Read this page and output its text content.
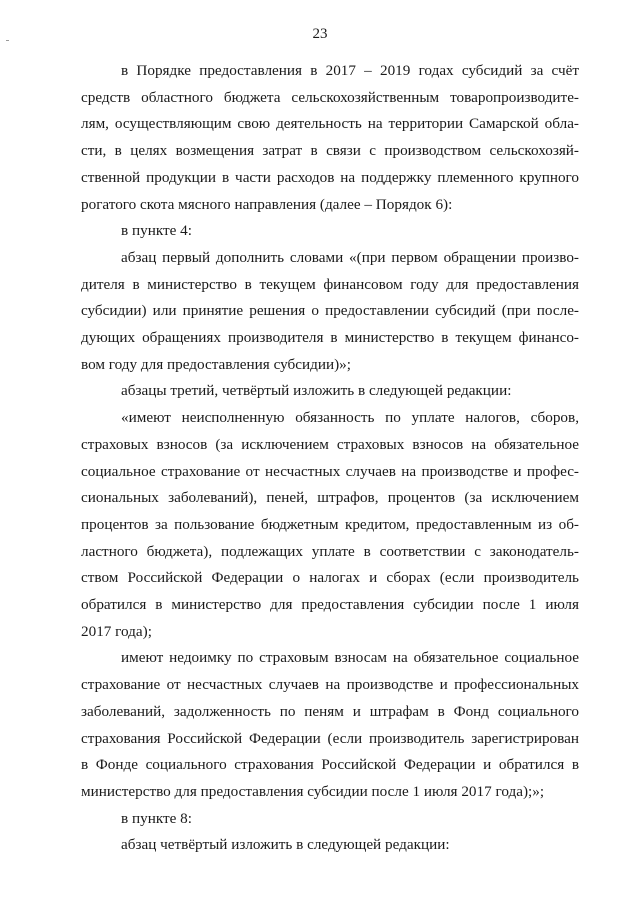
23

в Порядке предоставления в 2017 – 2019 годах субсидий за счёт
средств областного бюджета сельскохозяйственным товаропроизводите-
лям, осуществляющим свою деятельность на территории Самарской обла-
сти, в целях возмещения затрат в связи с производством сельскохозяй-
ственной продукции в части расходов на поддержку племенного крупного
рогатого скота мясного направления (далее – Порядок 6):

в пункте 4:

абзац первый дополнить словами «(при первом обращении произво-
дителя в министерство в текущем финансовом году для предоставления
субсидии) или принятие решения о предоставлении субсидий (при после-
дующих обращениях производителя в министерство в текущем финансо-
вом году для предоставления субсидии)»;

абзацы третий, четвёртый изложить в следующей редакции:

«имеют неисполненную обязанность по уплате налогов, сборов,
страховых взносов (за исключением страховых взносов на обязательное
социальное страхование от несчастных случаев на производстве и профес-
сиональных заболеваний), пеней, штрафов, процентов (за исключением
процентов за пользование бюджетным кредитом, предоставленным из об-
ластного бюджета), подлежащих уплате в соответствии с законодатель-
ством Российской Федерации о налогах и сборах (если производитель
обратился в министерство для предоставления субсидии после 1 июля
2017 года);

имеют недоимку по страховым взносам на обязательное социальное
страхование от несчастных случаев на производстве и профессиональных
заболеваний, задолженность по пеням и штрафам в Фонд социального
страхования Российской Федерации (если производитель зарегистрирован
в Фонде социального страхования Российской Федерации и обратился в
министерство для предоставления субсидии после 1 июля 2017 года);»;

в пункте 8:

абзац четвёртый изложить в следующей редакции:
